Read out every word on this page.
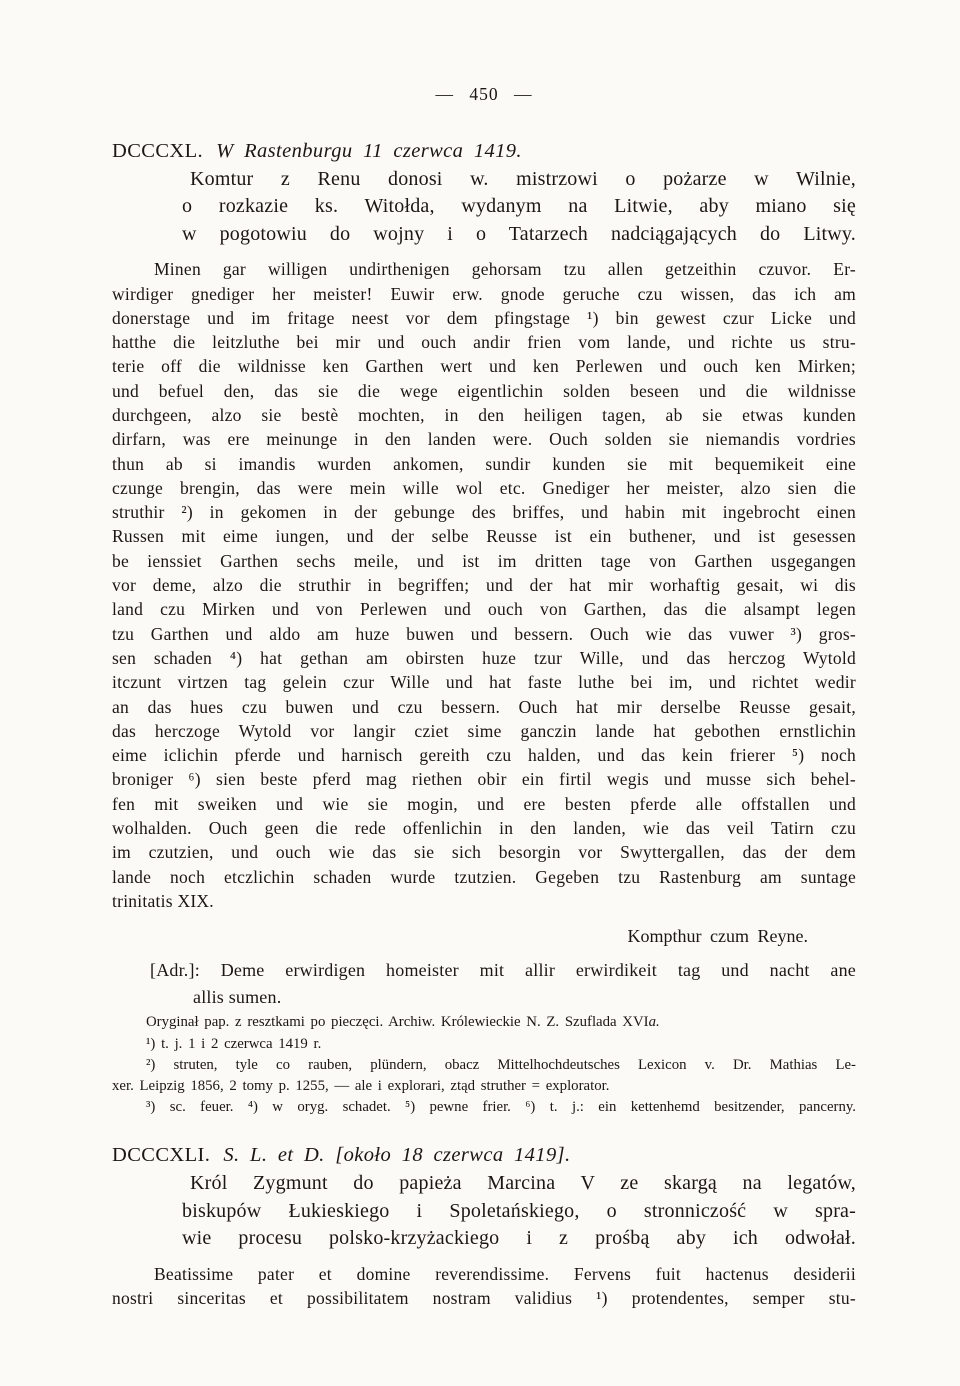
— 450 —
DCCCXL. W Rastenburgu 11 czerwca 1419.
Komtur z Renu donosi w. mistrzowi o pożarze w Wilnie,
o rozkazie ks. Witołda, wydanym na Litwie, aby miano się
w pogotowiu do wojny i o Tatarzech nadciągających do Litwy.
Minen gar willigen undirthenigen gehorsam tzu allen getzeithin czuvor. Er-
wirdiger gnediger her meister! Euwir erw. gnode geruche czu wissen, das ich am
donerstage und im fritage neest vor dem pfingstage ¹) bin gewest czur Licke und
hatthe die leitzluthe bei mir und ouch andir frien vom lande, und richte us stru-
terie off die wildnisse ken Garthen wert und ken Perlewen und ouch ken Mirken;
und befuel den, das sie die wege eigentlichin solden beseen und die wildnisse
durchgeen, alzo sie bestè mochten, in den heiligen tagen, ab sie etwas kunden
dirfarn, was ere meinunge in den landen were. Ouch solden sie niemandis vordries
thun ab si imandis wurden ankomen, sundir kunden sie mit bequemikeit eine
czunge brengin, das were mein wille wol etc. Gnediger her meister, alzo sien die
struthir ²) in gekomen in der gebunge des briffes, und habin mit ingebrocht einen
Russen mit eime iungen, und der selbe Reusse ist ein buthener, und ist gesessen
be ienssiet Garthen sechs meile, und ist im dritten tage von Garthen usgegangen
vor deme, alzo die struthir in begriffen; und der hat mir worhaftig gesait, wi dis
land czu Mirken und von Perlewen und ouch von Garthen, das die alsampt legen
tzu Garthen und aldo am huze buwen und bessern. Ouch wie das vuwer ³) gros-
sen schaden ⁴) hat gethan am obirsten huze tzur Wille, und das herczog Wytold
itczunt virtzen tag gelein czur Wille und hat faste luthe bei im, und richtet wedir
an das hues czu buwen und czu bessern. Ouch hat mir derselbe Reusse gesait,
das herczoge Wytold vor langir cziet sime ganczin lande hat gebothen ernstlichin
eime iclichin pferde und harnisch gereith czu halden, und das kein frierer ⁵) noch
broniger ⁶) sien beste pferd mag riethen obir ein firtil wegis und musse sich behel-
fen mit sweiken und wie sie mogin, und ere besten pferde alle offstallen und
wolhalden. Ouch geen die rede offenlichin in den landen, wie das veil Tatirn czu
im czutzien, und ouch wie das sie sich besorgin vor Swyttergallen, das der dem
lande noch etczlichin schaden wurde tzutzien. Gegeben tzu Rastenburg am suntage
trinitatis XIX.
Kompthur czum Reyne.
[Adr.]: Deme erwirdigen homeister mit allir erwirdikeit tag und nacht ane
allis sumen.
Oryginał pap. z resztkami po pieczęci. Archiw. Królewieckie N. Z. Szuflada XVIa.
¹) t. j. 1 i 2 czerwca 1419 r.
²) struten, tyle co rauben, plündern, obacz Mittelhochdeutsches Lexicon v. Dr. Mathias Le-
xer. Leipzig 1856, 2 tomy p. 1255, — ale i explorari, ztąd struther = explorator.
³) sc. feuer. ⁴) w oryg. schadet. ⁵) pewne frier. ⁶) t. j.: ein kettenhemd besitzender, pancerny.
DCCCXLI. S. L. et D. [około 18 czerwca 1419].
Król Zygmunt do papieża Marcina V ze skargą na legatów,
biskupów Łukieskiego i Spoletańskiego, o stronniczość w spra-
wie procesu polsko-krzyżackiego i z prośbą aby ich odwołał.
Beatissime pater et domine reverendissime. Fervens fuit hactenus desiderii
nostri sinceritas et possibilitatem nostram validius ¹) protendentes, semper stu-
